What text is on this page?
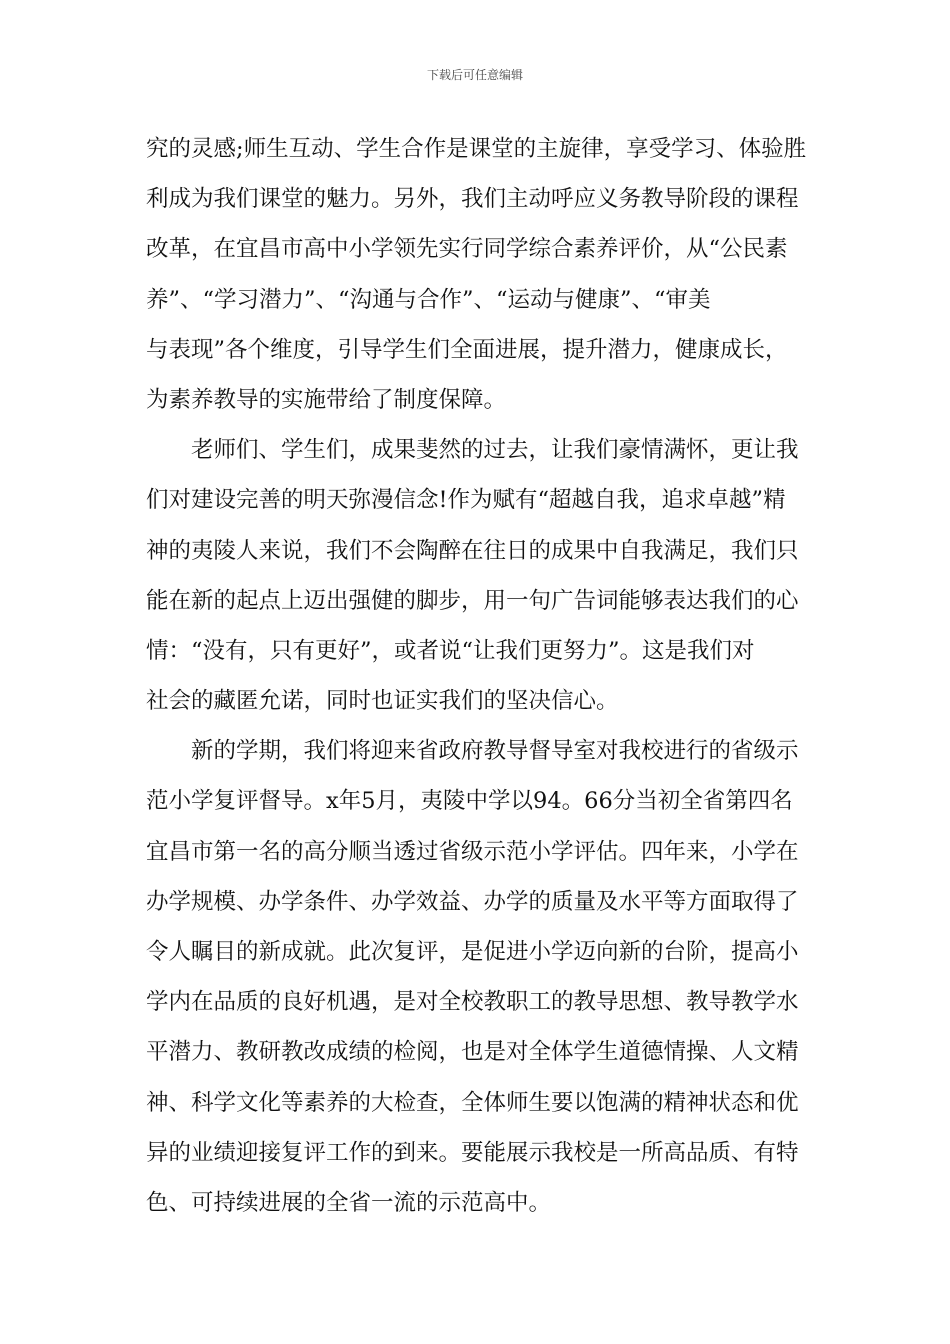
下载后可任意编辑
究的灵感;师生互动、学生合作是课堂的主旋律，享受学习、体验胜
利成为我们课堂的魅力。另外，我们主动呼应义务教导阶段的课程
改革，在宜昌市高中小学领先实行同学综合素养评价，从“公民素
养”、“学习潜力”、“沟通与合作”、“运动与健康”、“审美
与表现”各个维度，引导学生们全面进展，提升潜力，健康成长，
为素养教导的实施带给了制度保障。
　　老师们、学生们，成果斐然的过去，让我们豪情满怀，更让我
们对建设完善的明天弥漫信念!作为赋有“超越自我，追求卓越”精
神的夷陵人来说，我们不会陶醉在往日的成果中自我满足，我们只
能在新的起点上迈出强健的脚步，用一句广告词能够表达我们的心
情：“没有，只有更好”，或者说“让我们更努力”。这是我们对
社会的藏匿允诺，同时也证实我们的坚决信心。
　　新的学期，我们将迎来省政府教导督导室对我校进行的省级示
范小学复评督导。x年5月，夷陵中学以94。66分当初全省第四名
宜昌市第一名的高分顺当透过省级示范小学评估。四年来，小学在
办学规模、办学条件、办学效益、办学的质量及水平等方面取得了
令人瞩目的新成就。此次复评，是促进小学迈向新的台阶，提高小
学内在品质的良好机遇，是对全校教职工的教导思想、教导教学水
平潜力、教研教改成绩的检阅，也是对全体学生道德情操、人文精
神、科学文化等素养的大检查，全体师生要以饱满的精神状态和优
异的业绩迎接复评工作的到来。要能展示我校是一所高品质、有特
色、可持续进展的全省一流的示范高中。
